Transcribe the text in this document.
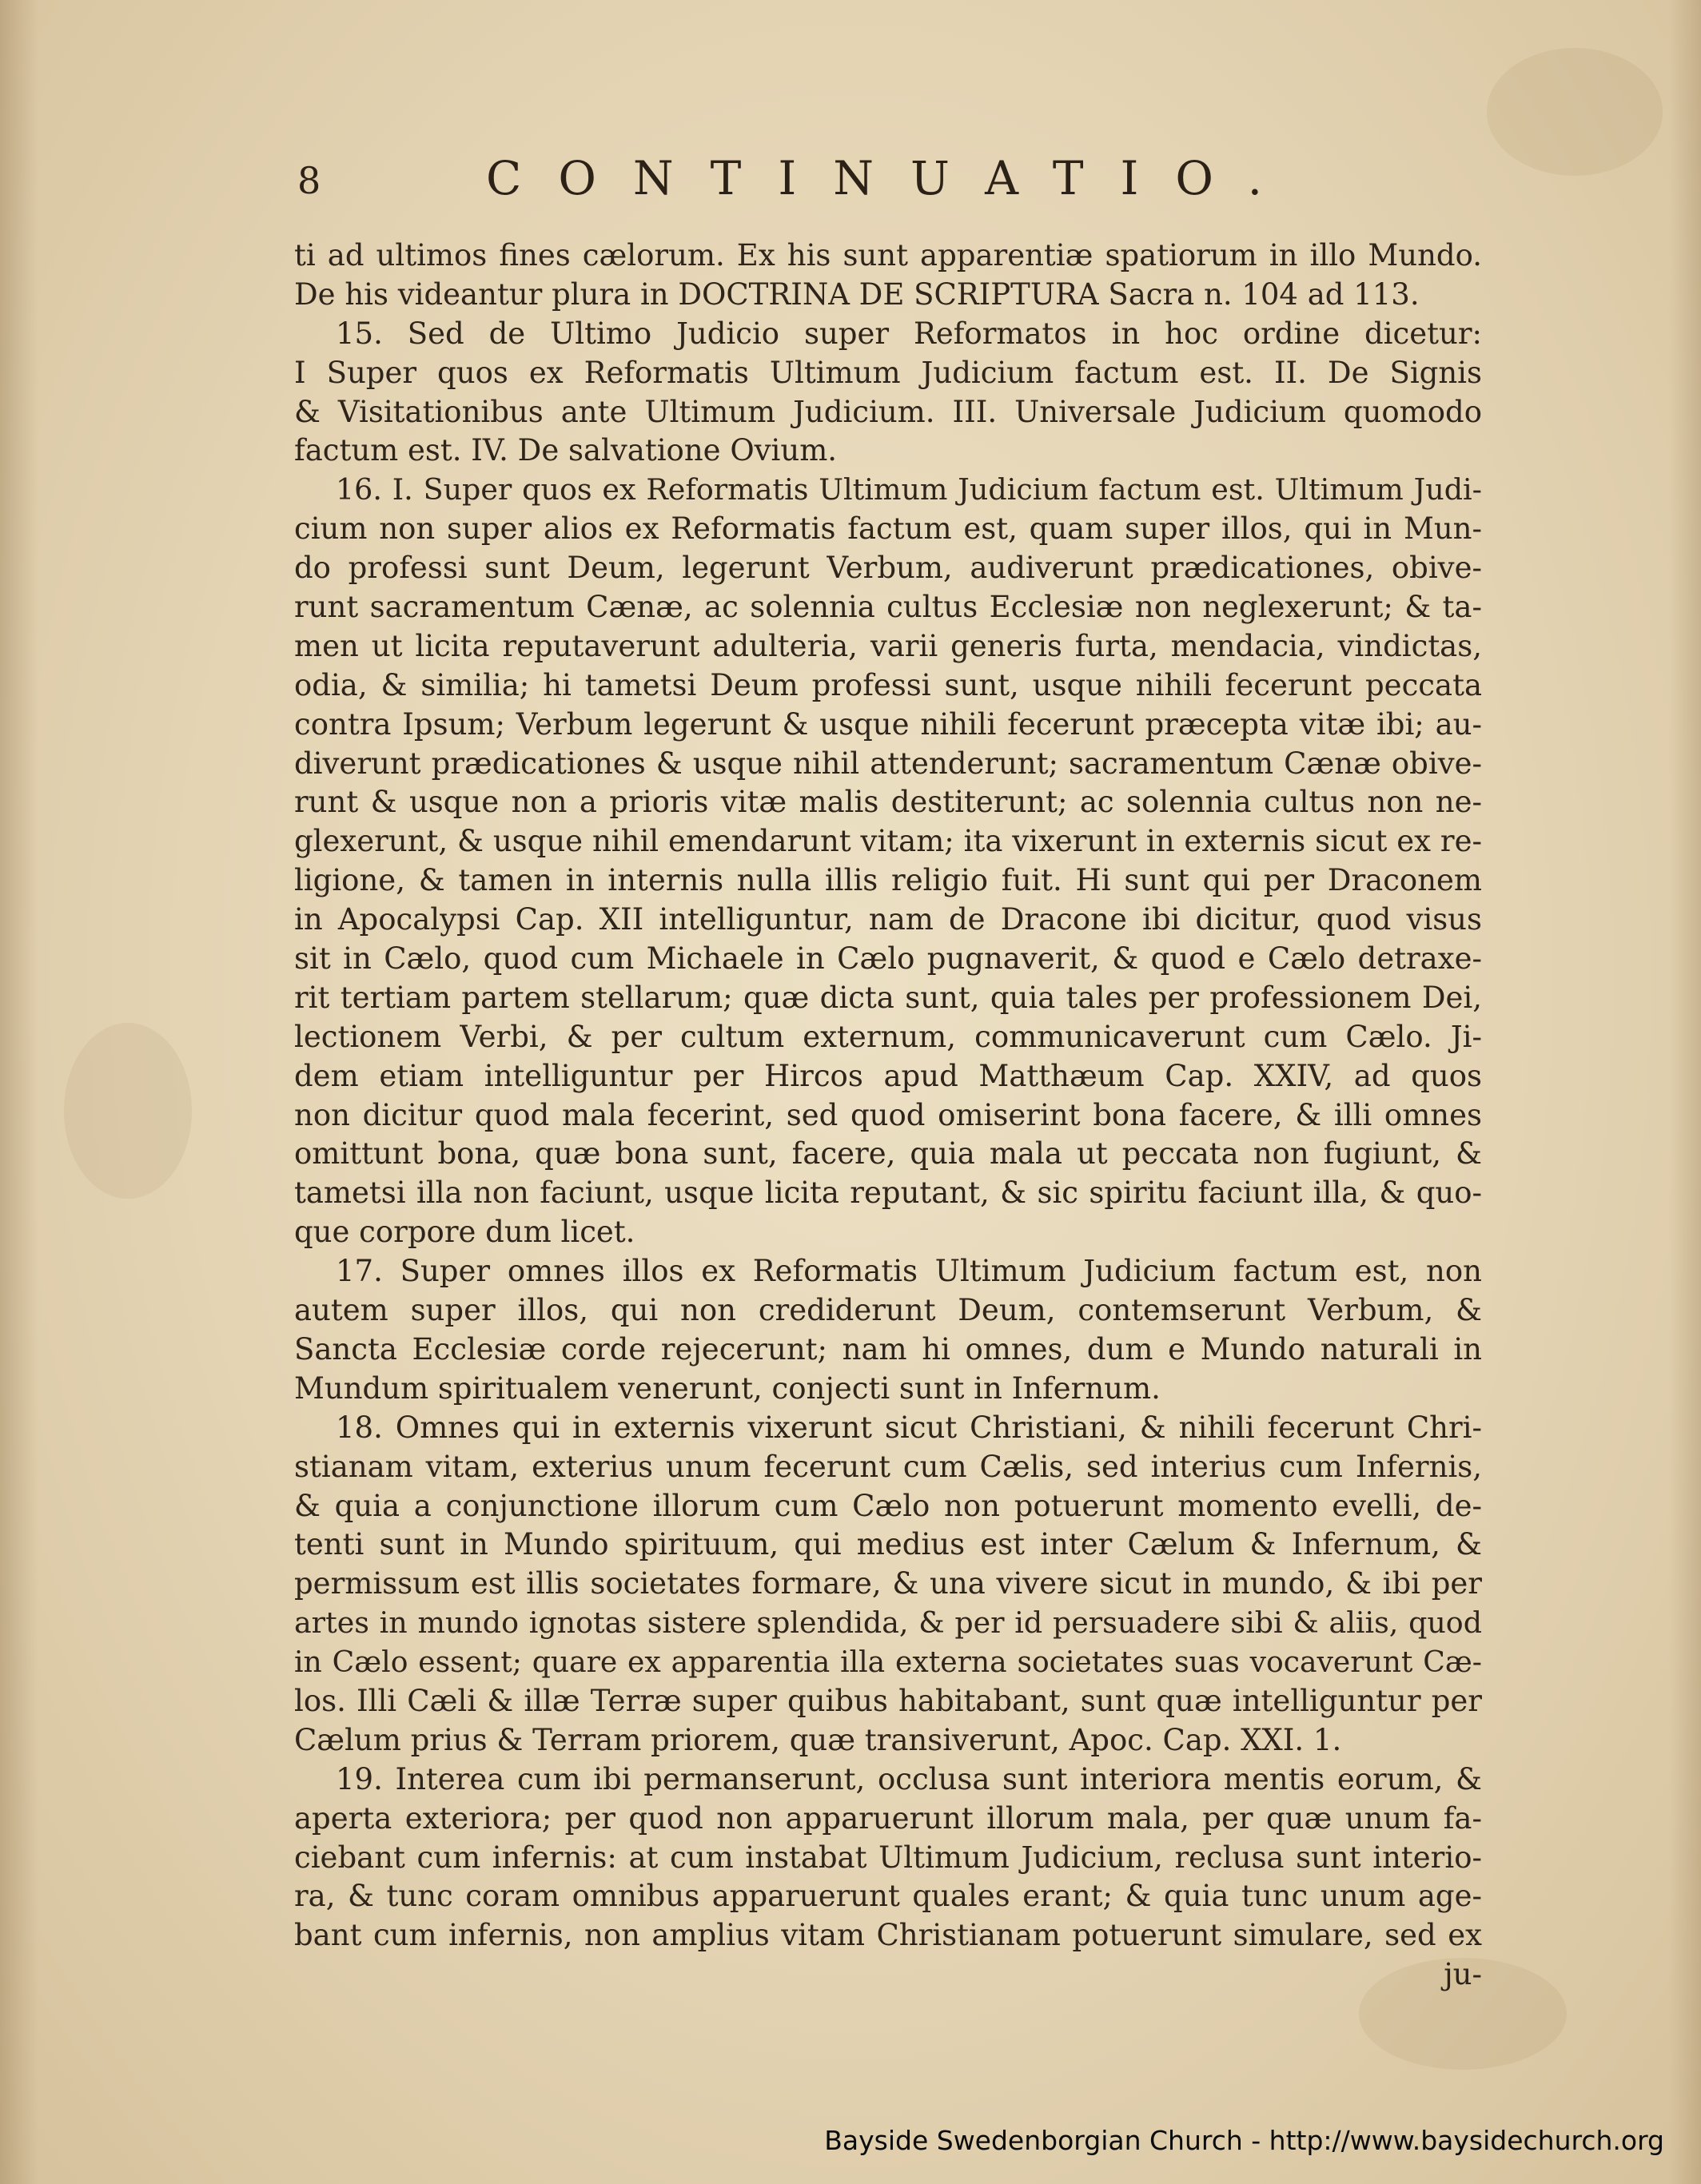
8	CONTINUATIO.
ti ad ultimos fines cælorum. Ex his sunt apparentiæ spatiorum in illo Mundo.
De his videantur plura in DOCTRINA DE SCRIPTURA Sacra n. 104 ad 113.
15. Sed de Ultimo Judicio super Reformatos in hoc ordine dicetur:
I Super quos ex Reformatis Ultimum Judicium factum est. II. De Signis
& Visitationibus ante Ultimum Judicium. III. Universale Judicium quomodo
factum est. IV. De salvatione Ovium.
16. I. Super quos ex Reformatis Ultimum Judicium factum est. Ultimum Judi-
cium non super alios ex Reformatis factum est, quam super illos, qui in Mun-
do professi sunt Deum, legerunt Verbum, audiverunt prædicationes, obive-
runt sacramentum Cænæ, ac solennia cultus Ecclesiæ non neglexerunt; & ta-
men ut licita reputaverunt adulteria, varii generis furta, mendacia, vindictas,
odia, & similia; hi tametsi Deum professi sunt, usque nihili fecerunt peccata
contra Ipsum; Verbum legerunt & usque nihili fecerunt præcepta vitæ ibi; au-
diverunt prædicationes & usque nihil attenderunt; sacramentum Cænæ obive-
runt & usque non a prioris vitæ malis destiterunt; ac solennia cultus non ne-
glexerunt, & usque nihil emendarunt vitam; ita vixerunt in externis sicut ex re-
ligione, & tamen in internis nulla illis religio fuit. Hi sunt qui per Draconem
in Apocalypsi Cap. XII intelliguntur, nam de Dracone ibi dicitur, quod visus
sit in Cælo, quod cum Michaele in Cælo pugnaverit, & quod e Cælo detraxe-
rit tertiam partem stellarum; quæ dicta sunt, quia tales per professionem Dei,
lectionem Verbi, & per cultum externum, communicaverunt cum Cælo. Ji-
dem etiam intelliguntur per Hircos apud Matthæum Cap. XXIV, ad quos
non dicitur quod mala fecerint, sed quod omiserint bona facere, & illi omnes
omittunt bona, quæ bona sunt, facere, quia mala ut peccata non fugiunt, &
tametsi illa non faciunt, usque licita reputant, & sic spiritu faciunt illa, & quo-
que corpore dum licet.
17. Super omnes illos ex Reformatis Ultimum Judicium factum est, non
autem super illos, qui non crediderunt Deum, contemserunt Verbum, &
Sancta Ecclesiæ corde rejecerunt; nam hi omnes, dum e Mundo naturali in
Mundum spiritualem venerunt, conjecti sunt in Infernum.
18. Omnes qui in externis vixerunt sicut Christiani, & nihili fecerunt Chri-
stianam vitam, exterius unum fecerunt cum Cælis, sed interius cum Infernis,
& quia a conjunctione illorum cum Cælo non potuerunt momento evelli, de-
tenti sunt in Mundo spirituum, qui medius est inter Cælum & Infernum, &
permissum est illis societates formare, & una vivere sicut in mundo, & ibi per
artes in mundo ignotas sistere splendida, & per id persuadere sibi & aliis, quod
in Cælo essent; quare ex apparentia illa externa societates suas vocaverunt Cæ-
los. Illi Cæli & illæ Terræ super quibus habitabant, sunt quæ intelliguntur per
Cælum prius & Terram priorem, quæ transiverunt, Apoc. Cap. XXI. 1.
19. Interea cum ibi permanserunt, occlusa sunt interiora mentis eorum, &
aperta exteriora; per quod non apparuerunt illorum mala, per quæ unum fa-
ciebant cum infernis: at cum instabat Ultimum Judicium, reclusa sunt interio-
ra, & tunc coram omnibus apparuerunt quales erant; & quia tunc unum age-
bant cum infernis, non amplius vitam Christianam potuerunt simulare, sed ex
ju-
Bayside Swedenborgian Church - http://www.baysidechurch.org
